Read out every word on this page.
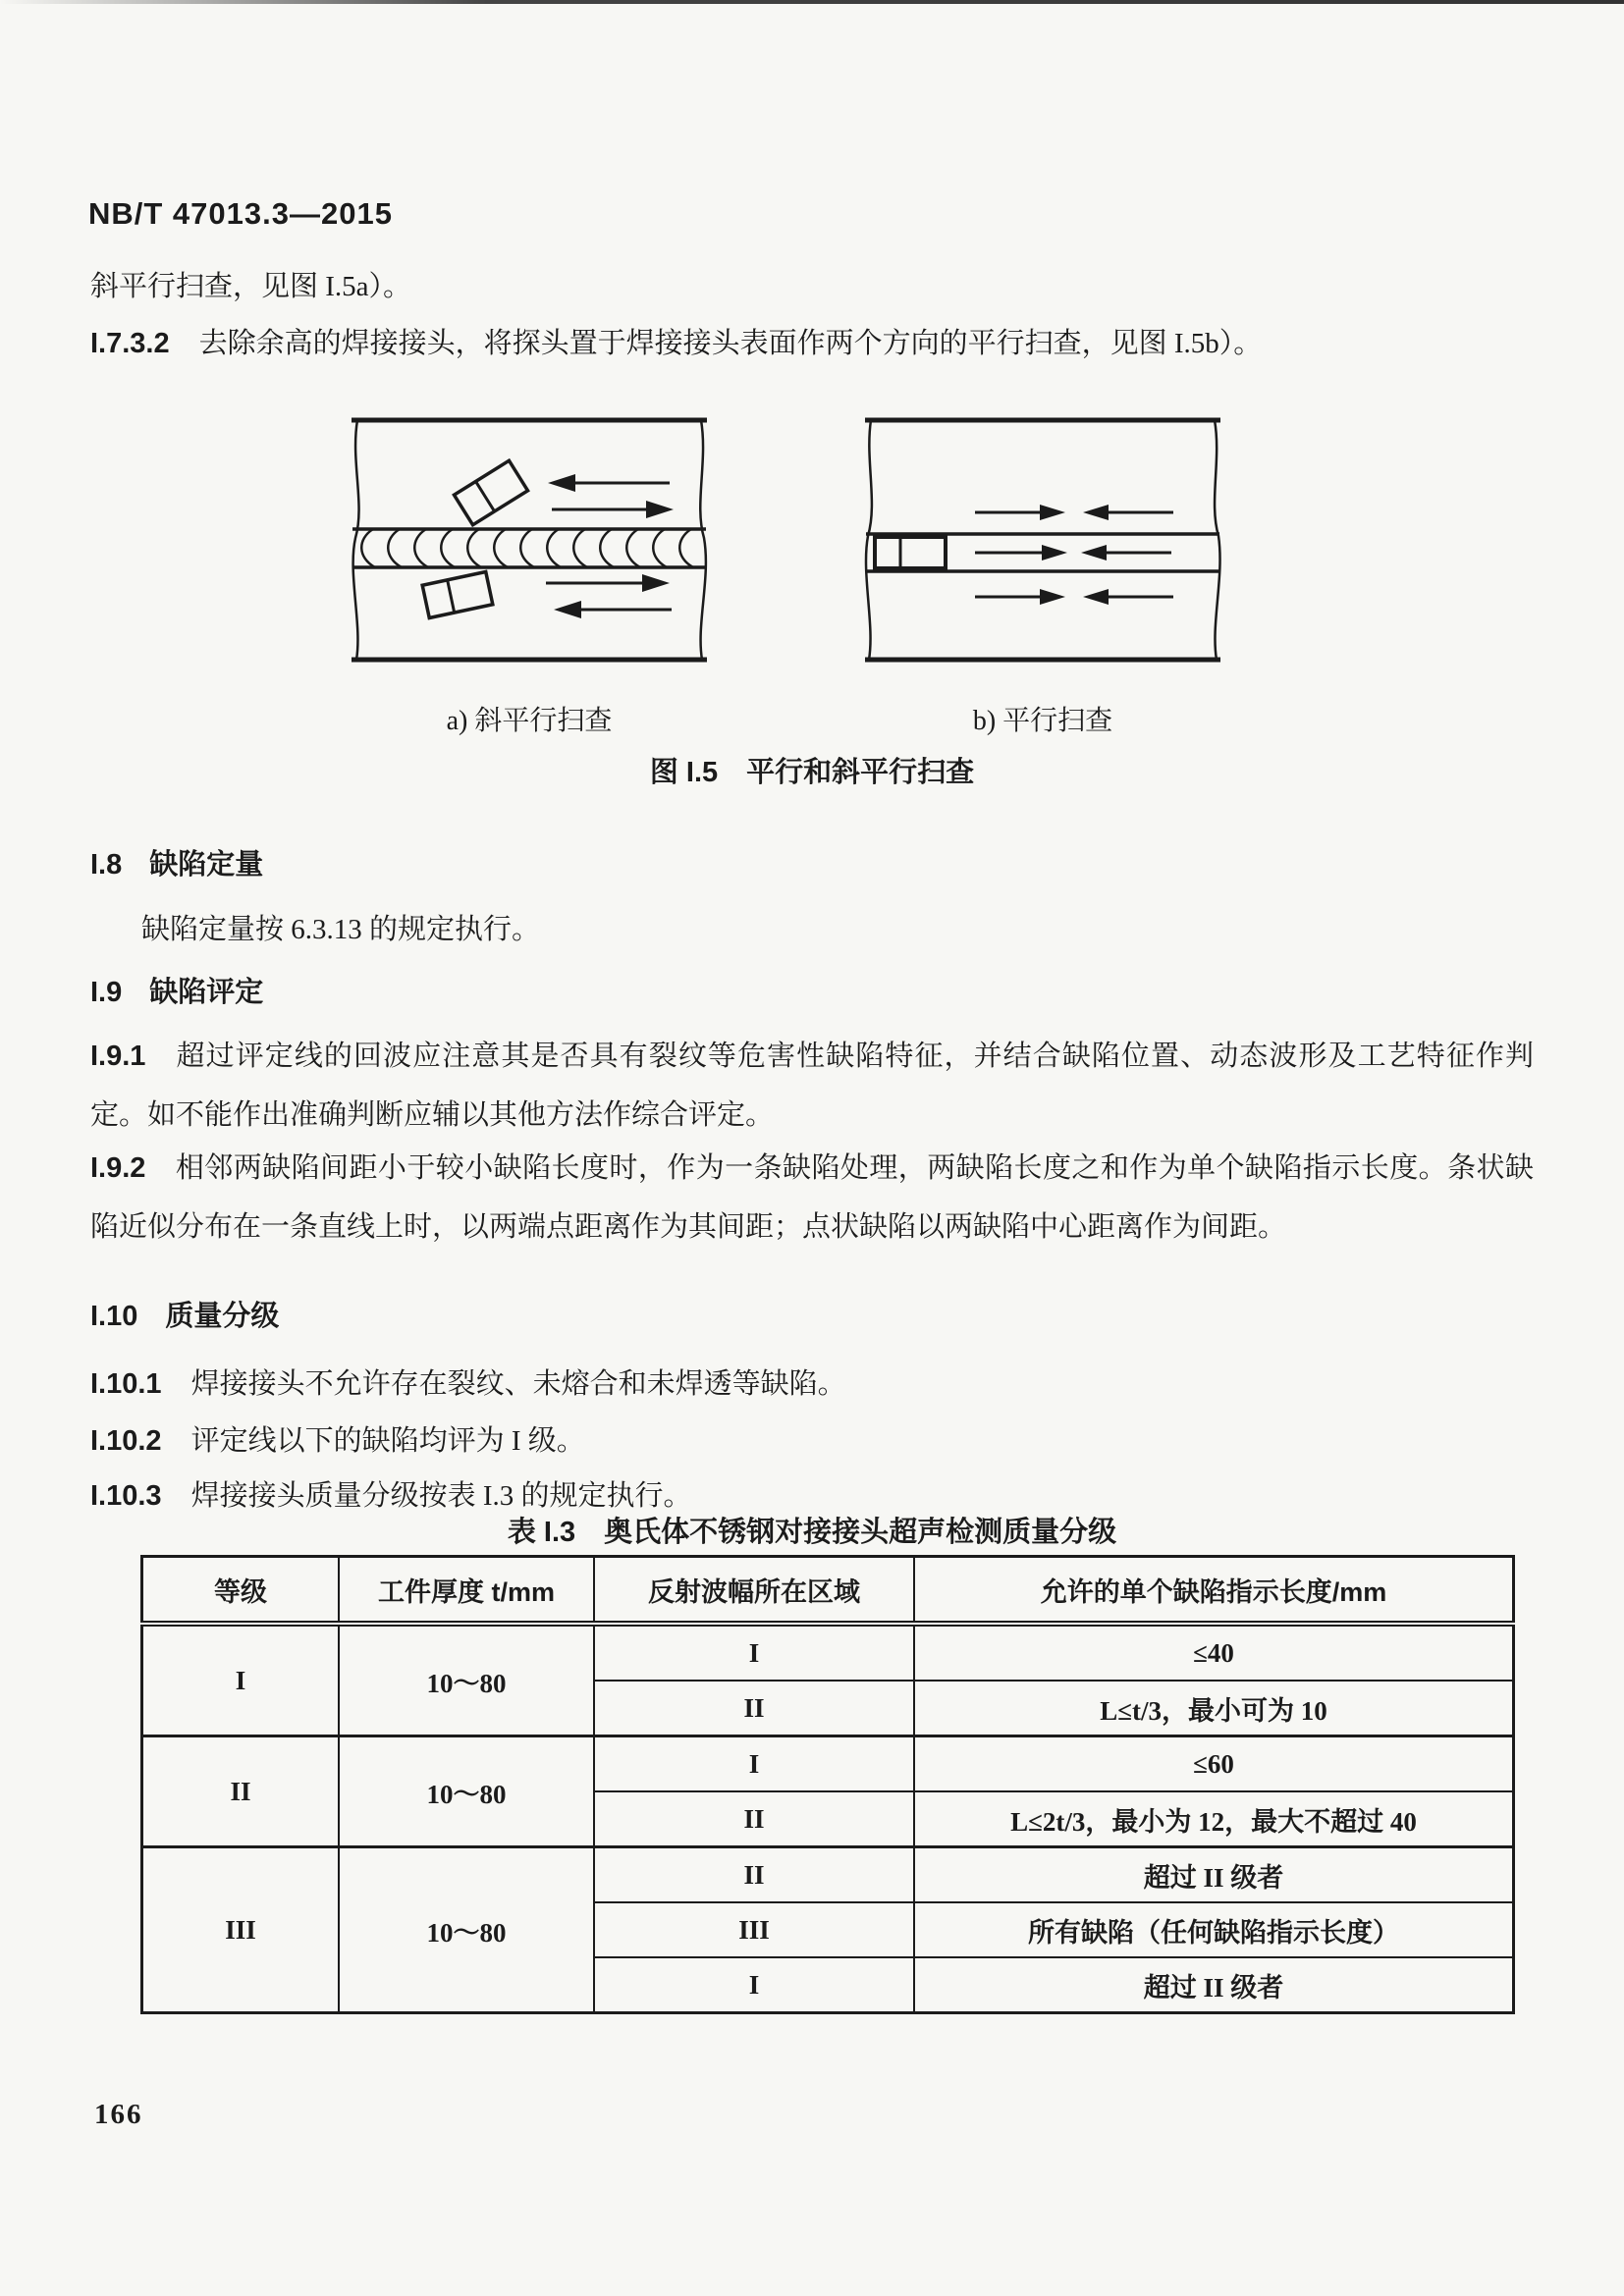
NB/T 47013.3—2015
斜平行扫查，见图 I.5a）。
I.7.3.2 去除余高的焊接接头，将探头置于焊接接头表面作两个方向的平行扫查，见图 I.5b）。
a) 斜平行扫查	b) 平行扫查
图 I.5　平行和斜平行扫查
I.8 缺陷定量
缺陷定量按 6.3.13 的规定执行。
I.9 缺陷评定
I.9.1 超过评定线的回波应注意其是否具有裂纹等危害性缺陷特征，并结合缺陷位置、动态波形及工艺特征作判定。如不能作出准确判断应辅以其他方法作综合评定。
I.9.2 相邻两缺陷间距小于较小缺陷长度时，作为一条缺陷处理，两缺陷长度之和作为单个缺陷指示长度。条状缺陷近似分布在一条直线上时，以两端点距离作为其间距；点状缺陷以两缺陷中心距离作为间距。
I.10 质量分级
I.10.1 焊接接头不允许存在裂纹、未熔合和未焊透等缺陷。
I.10.2 评定线以下的缺陷均评为 I 级。
I.10.3 焊接接头质量分级按表 I.3 的规定执行。
表 I.3　奥氏体不锈钢对接接头超声检测质量分级
等级	工件厚度 t/mm	反射波幅所在区域	允许的单个缺陷指示长度/mm
I	10～80	I	≤40
		II	L≤t/3，最小可为 10
II	10～80	I	≤60
		II	L≤2t/3，最小为 12，最大不超过 40
III	10～80	II	超过 II 级者
		III	所有缺陷（任何缺陷指示长度）
		I	超过 II 级者
166
